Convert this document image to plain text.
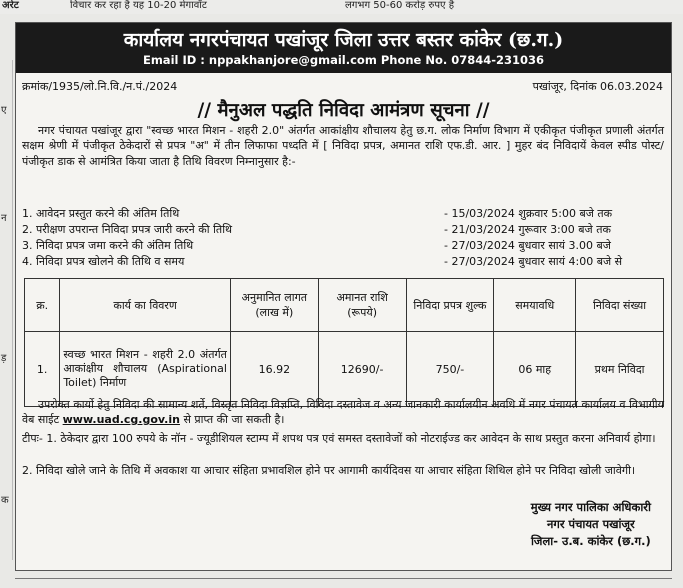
अरेट	विचार कर रहा है यह 10-20 मेगावॉट	लगभग 50-60 करोड़ रुपए है
ए
न
ड़
क
कार्यालय नगरपंचायत पखांजूर जिला उत्तर बस्तर कांकेर (छ.ग.)
Email ID : nppakhanjore@gmail.com Phone No. 07844-231036
क्रमांक/1935/लो.नि.वि./न.पं./2024	पखांजूर, दिनांक 06.03.2024
// मैनुअल पद्धति निविदा आमंत्रण सूचना //
नगर पंचायत पखांजूर द्वारा "स्वच्छ भारत मिशन - शहरी 2.0" अंतर्गत आकांक्षीय शौचालय हेतु छ.ग. लोक निर्माण विभाग में एकीकृत पंजीकृत प्रणाली अंतर्गत सक्षम श्रेणी में पंजीकृत ठेकेदारों से प्रपत्र "अ" में तीन लिफाफा पध्दति में [ निविदा प्रपत्र, अमानत राशि एफ.डी. आर. ] मुहर बंद निविदायें केवल स्पीड पोस्ट/पंजीकृत डाक से आमंत्रित किया जाता है तिथि विवरण निम्नानुसार है:-
1. आवेदन प्रस्तुत करने की अंतिम तिथि	- 15/03/2024 शुक्रवार 5:00 बजे तक
2. परीक्षण उपरान्त निविदा प्रपत्र जारी करने की तिथि	- 21/03/2024 गुरूवार 3:00 बजे तक
3. निविदा प्रपत्र जमा करने की अंतिम तिथि	- 27/03/2024 बुधवार सायं 3.00 बजे
4. निविदा प्रपत्र खोलने की तिथि व समय	- 27/03/2024 बुधवार सायं 4:00 बजे से
क्र.	कार्य का विवरण	अनुमानित लागत (लाख में)	अमानत राशि (रूपये)	निविदा प्रपत्र शुल्क	समयावधि	निविदा संख्या
1.	स्वच्छ भारत मिशन - शहरी 2.0 अंतर्गत आकांक्षीय शौचालय (Aspirational Toilet) निर्माण	16.92	12690/-	750/-	06 माह	प्रथम निविदा
उपरोक्त कार्यो हेतु निविदा की सामान्य शर्ते, विस्तृत निविदा विज्ञप्ति, विविदा दस्तावेज व अन्य जानकारी कार्यालयीन अवधि में नगर पंचायत कार्यालय व विभागीय वेब साईट www.uad.cg.gov.in से प्राप्त की जा सकती है।
टीपः- 1. ठेकेदार द्वारा 100 रुपये के नॉन - ज्यूडीशियल स्टाम्प में शपथ पत्र एवं समस्त दस्तावेजों को नोटराईज्ड कर आवेदन के साथ प्रस्तुत करना अनिवार्य होगा।
2. निविदा खोले जाने के तिथि में अवकाश या आचार संहिता प्रभावशिल होने पर आगामी कार्यदिवस या आचार संहिता शिथिल होने पर निविदा खोली जावेगी।
मुख्य नगर पालिका अधिकारी
नगर पंचायत पखांजूर
जिला- उ.ब. कांकेर (छ.ग.)
